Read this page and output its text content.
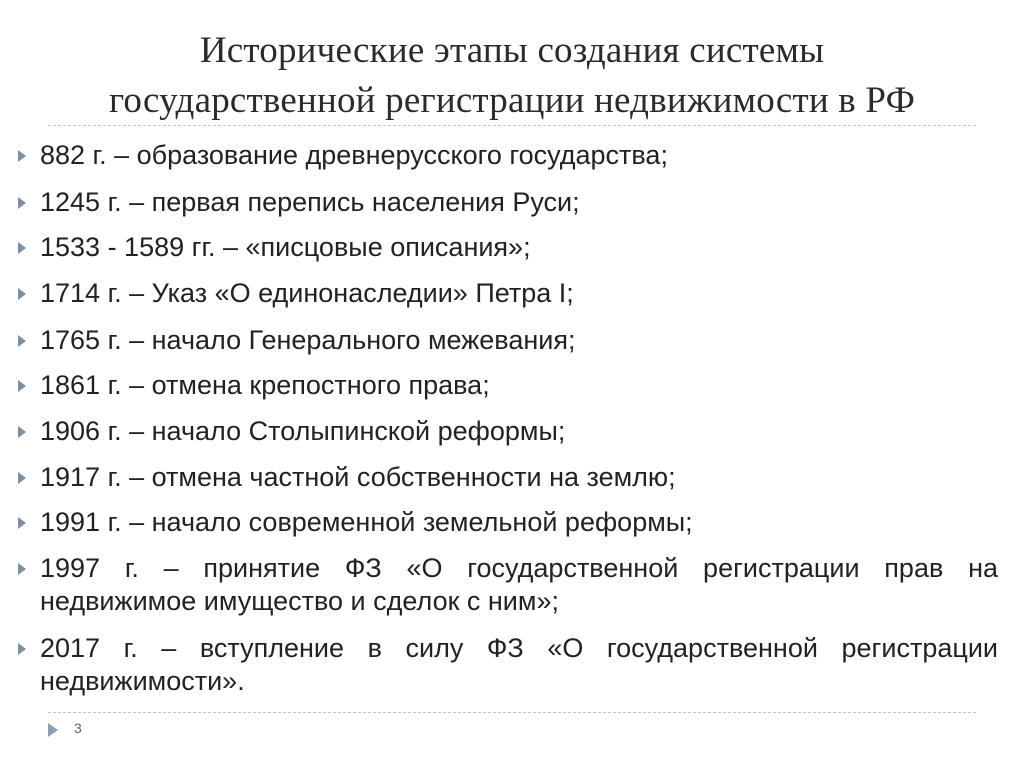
Исторические этапы создания системы
государственной регистрации недвижимости в РФ
882 г. – образование древнерусского государства;
1245 г. – первая перепись населения Руси;
1533 - 1589 гг. – «писцовые описания»;
1714 г. – Указ «О единонаследии» Петра I;
1765 г. – начало Генерального межевания;
1861 г. – отмена крепостного права;
1906 г. – начало Столыпинской реформы;
1917 г. – отмена частной собственности на землю;
1991 г. – начало современной земельной реформы;
1997 г. – принятие ФЗ «О государственной регистрации прав на недвижимое имущество и сделок с ним»;
2017 г. – вступление в силу ФЗ «О государственной регистрации недвижимости».
3
